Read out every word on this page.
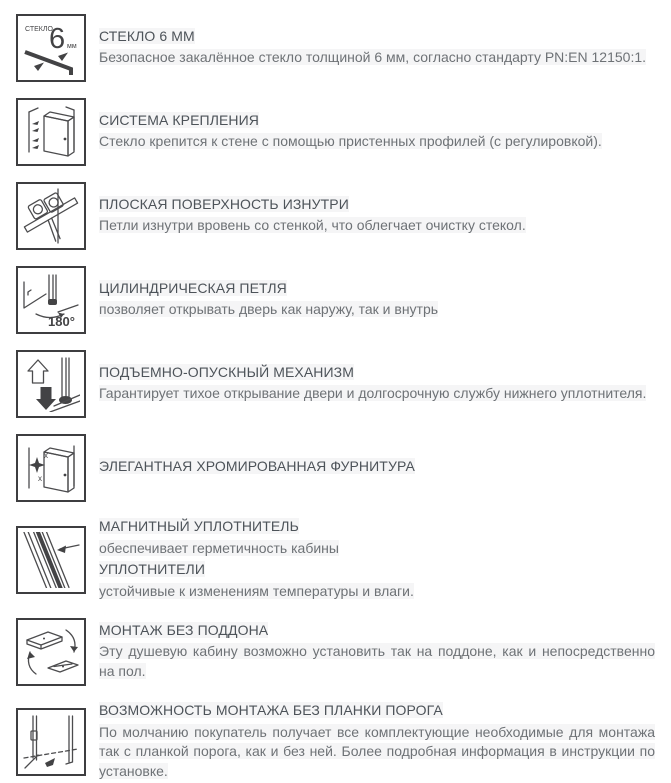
СТЕКЛО
6 мм

СТЕКЛО 6 ММ

Безопасное закалённое стекло толщиной 6 мм, согласно стандарту PN:EN 12150:1.

СИСТЕМА КРЕПЛЕНИЯ

Стекло крепится к стене с помощью пристенных профилей (с регулировкой).

ПЛОСКАЯ ПОВЕРХНОСТЬ ИЗНУТРИ

Петли изнутри вровень со стенкой, что облегчает очистку стекол.

180°

ЦИЛИНДРИЧЕСКАЯ ПЕТЛЯ

позволяет открывать дверь как наружу, так и внутрь

ПОДЪЕМНО-ОПУСКНЫЙ МЕХАНИЗМ

Гарантирует тихое открывание двери и долгосрочную службу нижнего уплотнителя.

x
x

ЭЛЕГАНТНАЯ ХРОМИРОВАННАЯ ФУРНИТУРА

МАГНИТНЫЙ УПЛОТНИТЕЛЬ

обеспечивает герметичность кабины

УПЛОТНИТЕЛИ

устойчивые к изменениям температуры и влаги.

МОНТАЖ БЕЗ ПОДДОНА

Эту душевую кабину возможно установить так на поддоне, как и непосредственно на пол.

ВОЗМОЖНОСТЬ МОНТАЖА БЕЗ ПЛАНКИ ПОРОГА

По молчанию покупатель получает все комплектующие необходимые для монтажа так с планкой порога, как и без ней. Более подробная информация в инструкции по установке.
